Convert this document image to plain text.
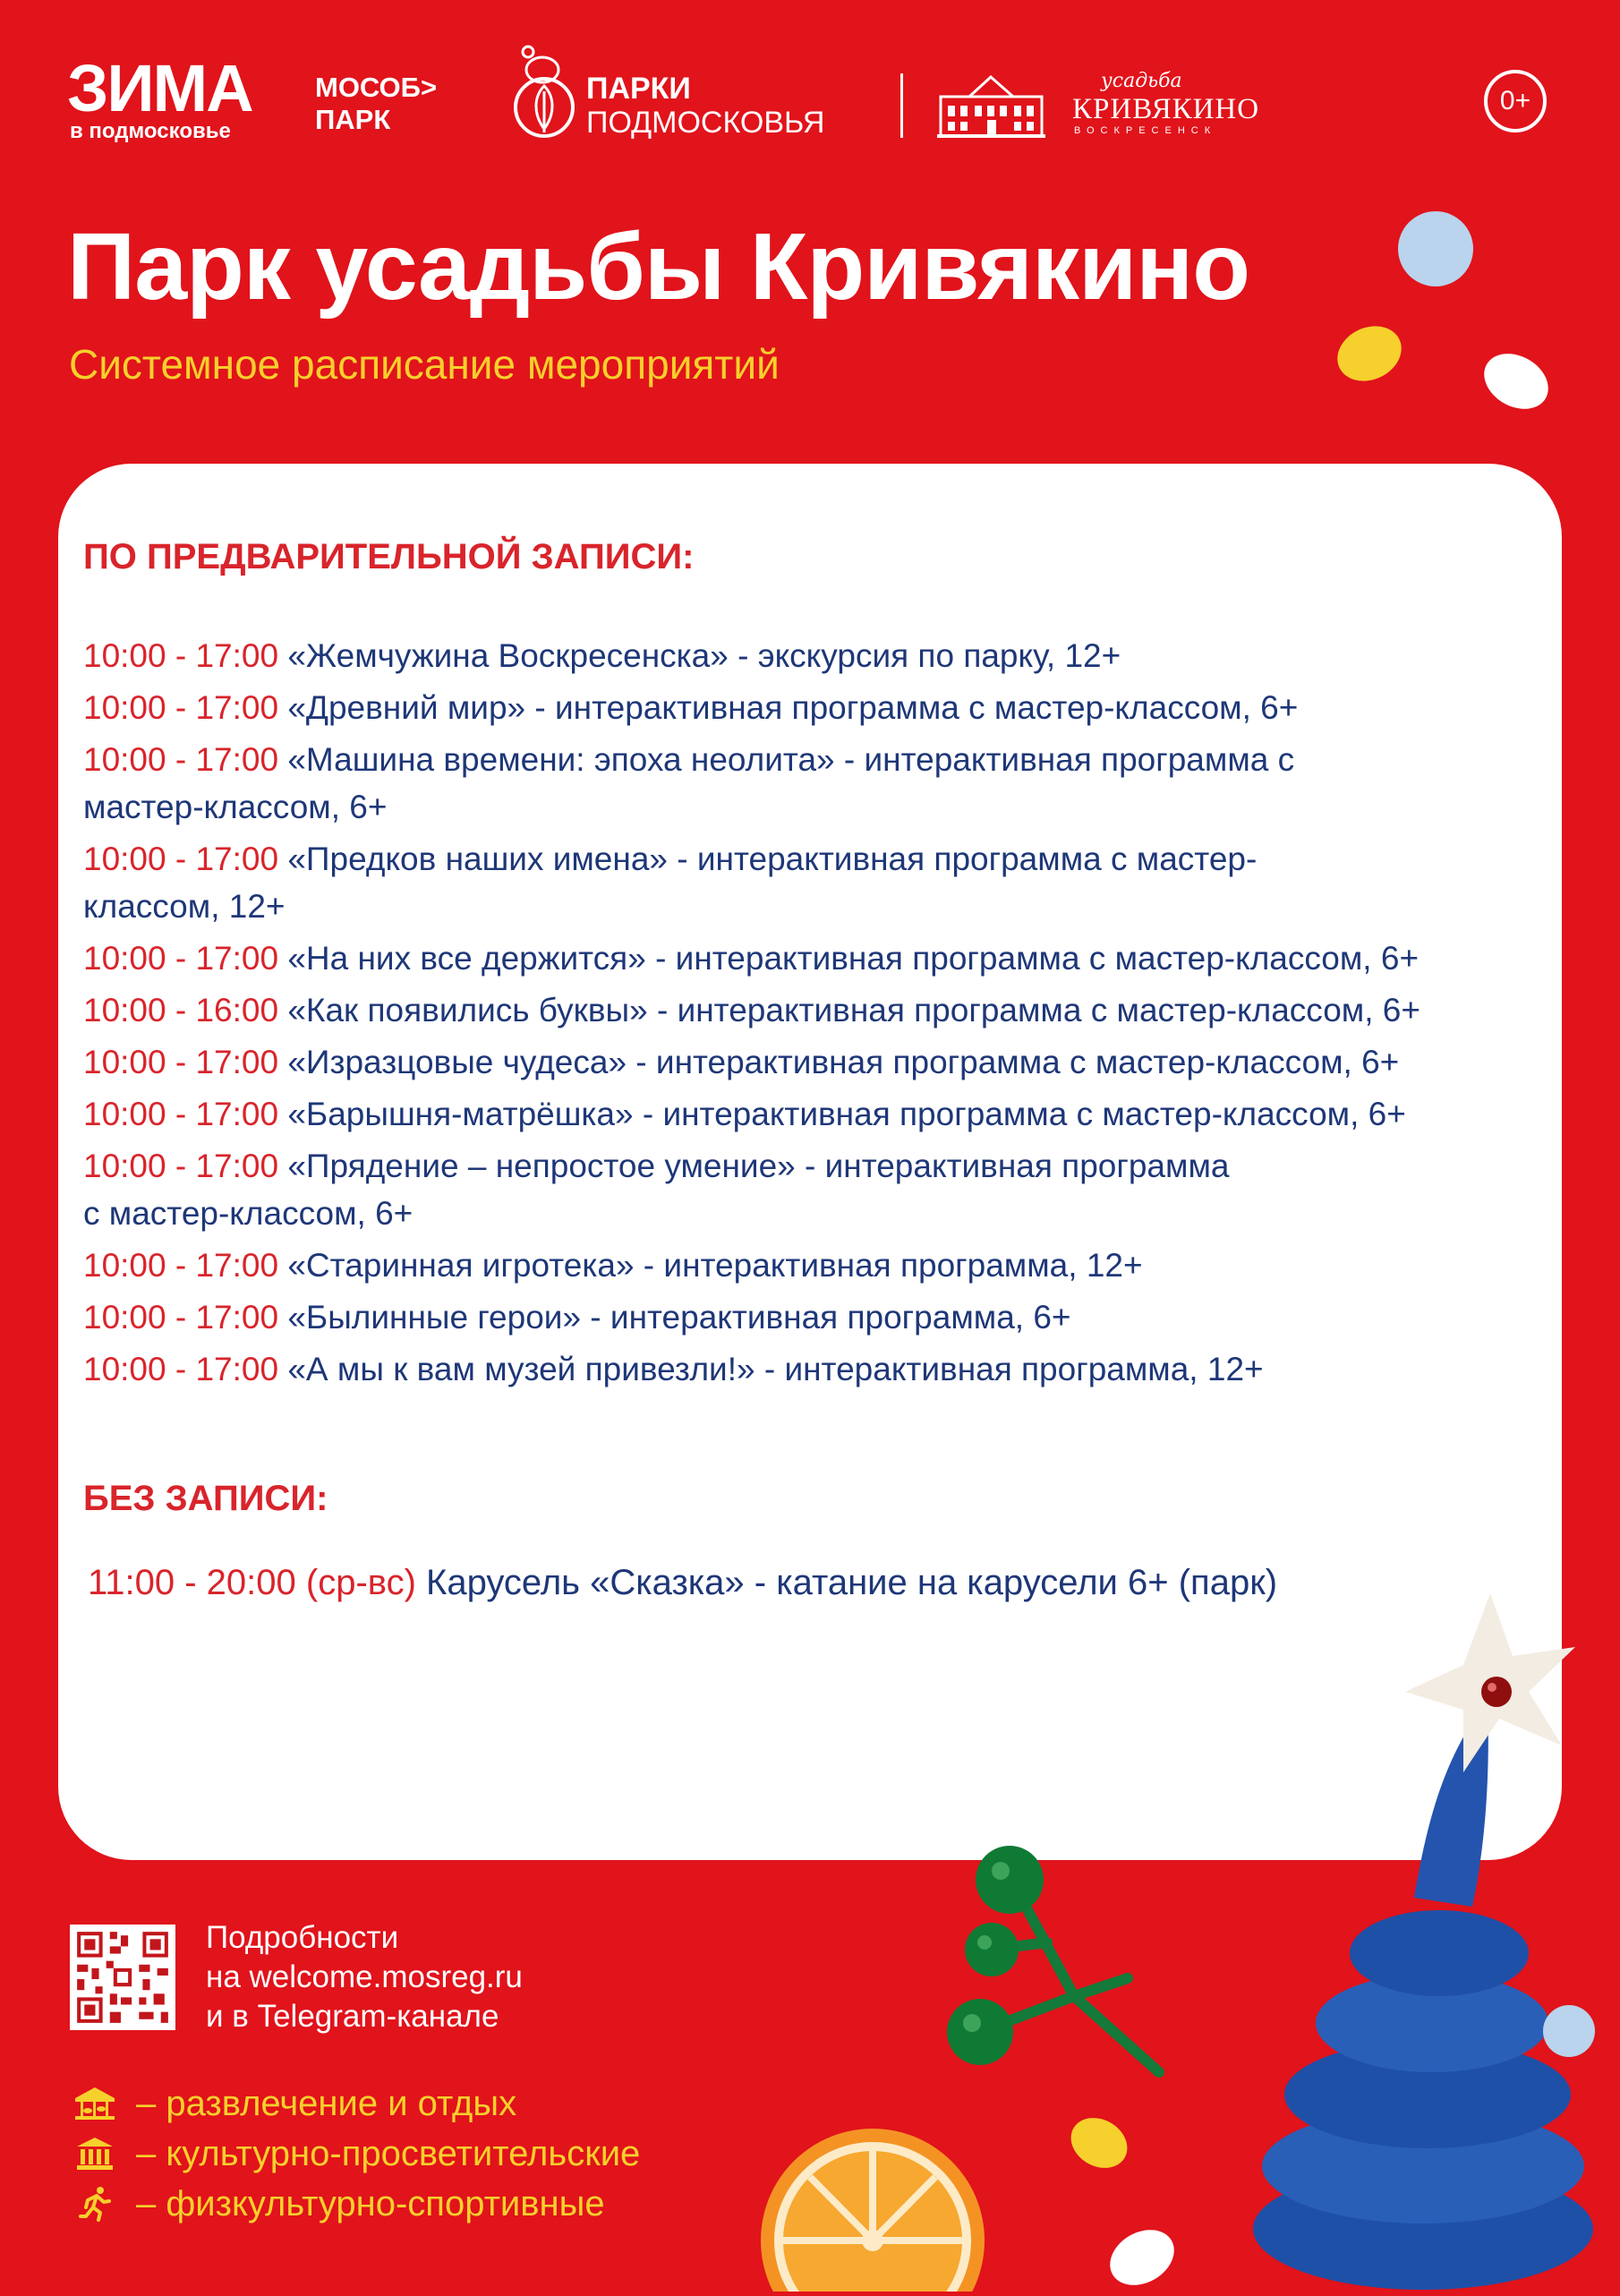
ЗИМА
в подмосковье
МОСОБ>
ПАРК
ПАРКИ
ПОДМОСКОВЬЯ
усадьба
КРИВЯКИНО
ВОСКРЕСЕНСК
0+
Парк усадьбы Кривякино
Системное расписание мероприятий
ПО ПРЕДВАРИТЕЛЬНОЙ ЗАПИСИ:
10:00 - 17:00 «Жемчужина Воскресенска» - экскурсия по парку, 12+
10:00 - 17:00 «Древний мир» - интерактивная программа с мастер-классом, 6+
10:00 - 17:00 «Машина времени: эпоха неолита» - интерактивная программа с
мастер-классом, 6+
10:00 - 17:00 «Предков наших имена» - интерактивная программа с мастер-
классом, 12+
10:00 - 17:00 «На них все держится» - интерактивная программа с мастер-классом, 6+
10:00 - 16:00 «Как появились буквы» - интерактивная программа с мастер-классом, 6+
10:00 - 17:00 «Изразцовые чудеса» - интерактивная программа с мастер-классом, 6+
10:00 - 17:00 «Барышня-матрёшка» - интерактивная программа с мастер-классом, 6+
10:00 - 17:00 «Прядение – непростое умение» - интерактивная программа
с мастер-классом, 6+
10:00 - 17:00 «Старинная игротека» - интерактивная программа, 12+
10:00 - 17:00 «Былинные герои» - интерактивная программа, 6+
10:00 - 17:00 «А мы к вам музей привезли!» - интерактивная программа, 12+
БЕЗ ЗАПИСИ:
11:00 - 20:00 (ср-вс) Карусель «Сказка» - катание на карусели 6+ (парк)
Подробности
на welcome.mosreg.ru
и в Telegram-канале
– развлечение и отдых
– культурно-просветительские
– физкультурно-спортивные
